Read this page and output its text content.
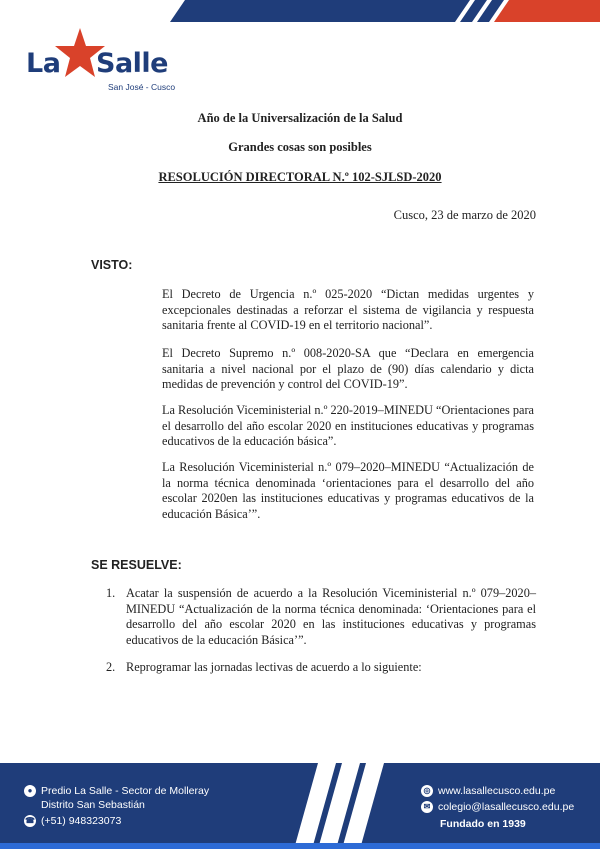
La Salle
San José - Cusco
Año de la Universalización de la Salud
Grandes cosas son posibles
RESOLUCIÓN DIRECTORAL N.º 102-SJLSD-2020
Cusco, 23 de marzo de 2020
VISTO:

El Decreto de Urgencia n.º 025-2020 “Dictan medidas urgentes y excepcionales destinadas a reforzar el sistema de vigilancia y respuesta sanitaria frente al COVID-19 en el territorio nacional”.

El Decreto Supremo n.º 008-2020-SA que “Declara en emergencia sanitaria a nivel nacional por el plazo de (90) días calendario y dicta medidas de prevención y control del COVID-19”.

La Resolución Viceministerial n.º 220-2019–MINEDU “Orientaciones para el desarrollo del año escolar 2020 en instituciones educativas y programas educativos de la educación básica”.

La Resolución Viceministerial n.º 079–2020–MINEDU “Actualización de la norma técnica denominada ‘orientaciones para el desarrollo del año escolar 2020en las instituciones educativas y programas educativos de la educación Básica’”.

SE RESUELVE:
1. Acatar la suspensión de acuerdo a la Resolución Viceministerial n.º 079–2020–MINEDU “Actualización de la norma técnica denominada: ‘Orientaciones para el desarrollo del año escolar 2020 en las instituciones educativas y programas educativos de la educación Básica’”.
2. Reprogramar las jornadas lectivas de acuerdo a lo siguiente:
● Predio La Salle - Sector de Molleray
Distrito San Sebastián
☎ (+51) 948323073
◎ www.lasallecusco.edu.pe
✉ colegio@lasallecusco.edu.pe
Fundado en 1939
